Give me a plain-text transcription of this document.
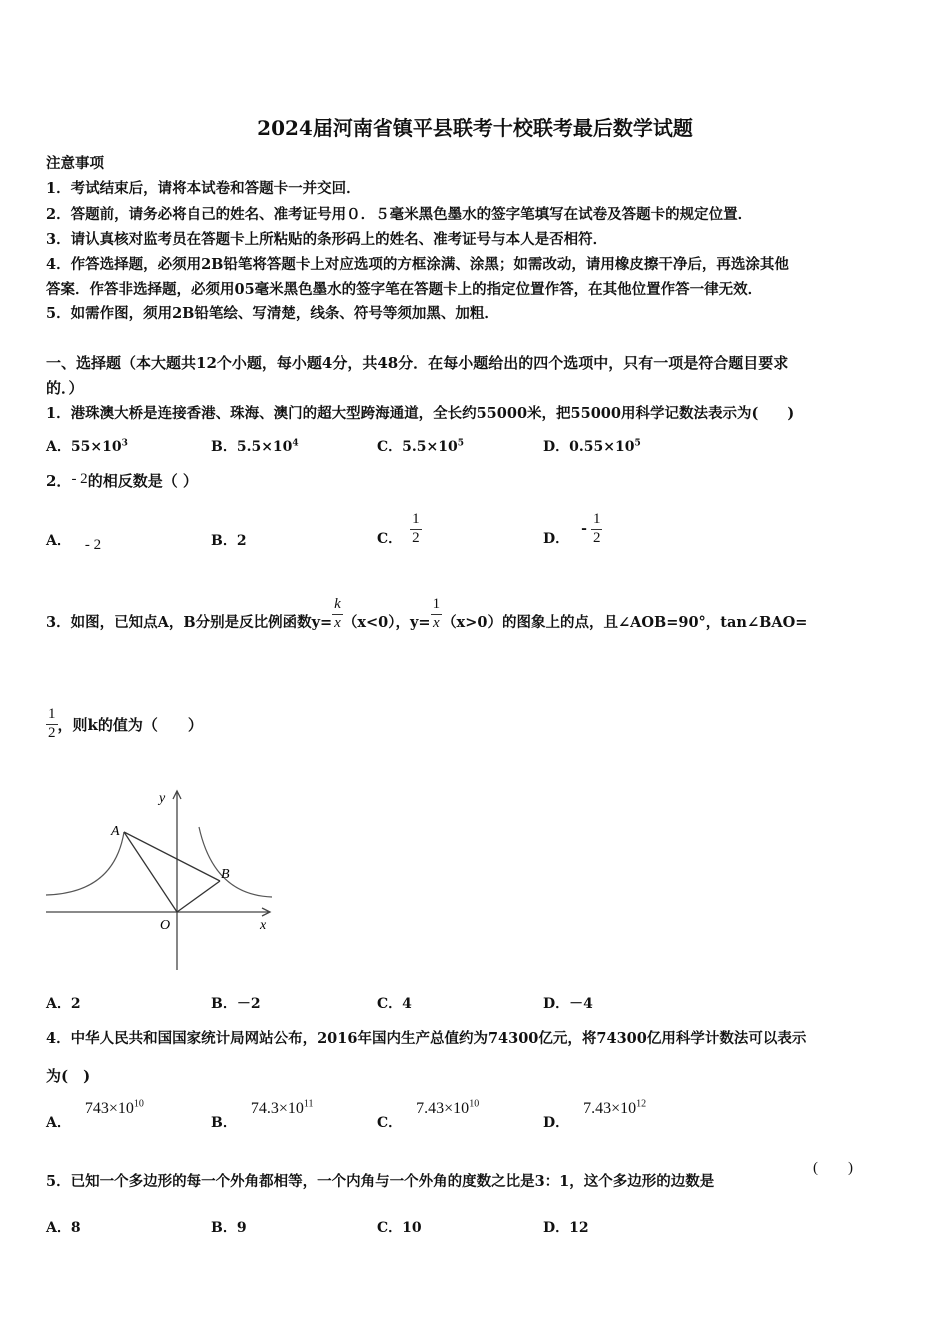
2024届河南省镇平县联考十校联考最后数学试题
注意事项
1．考试结束后，请将本试卷和答题卡一并交回．
2．答题前，请务必将自己的姓名、准考证号用０．５毫米黑色墨水的签字笔填写在试卷及答题卡的规定位置．
3．请认真核对监考员在答题卡上所粘贴的条形码上的姓名、准考证号与本人是否相符．
4．作答选择题，必须用2B铅笔将答题卡上对应选项的方框涂满、涂黑；如需改动，请用橡皮擦干净后，再选涂其他
答案．作答非选择题，必须用05毫米黑色墨水的签字笔在答题卡上的指定位置作答，在其他位置作答一律无效．
5．如需作图，须用2B铅笔绘、写清楚，线条、符号等须加黑、加粗．
一、选择题（本大题共12个小题，每小题4分，共48分．在每小题给出的四个选项中，只有一项是符合题目要求
的．）
1．港珠澳大桥是连接香港、珠海、澳门的超大型跨海通道，全长约55000米，把55000用科学记数法表示为(　　)
A．$55\times 10^3$	B．$5.5\times 10^4$	C．$5.5\times 10^5$	D．$0.55\times 10^5$
2．- 2的相反数是（ ）
A． - 2	B．2	C． $\frac{1}{2}$	D．
- $\frac{1}{2}$
3．如图，已知点A，B分别是反比例函数$y= \frac{k}{x} (x<0)$，$y= \frac{1}{x} (x>0)$的图象上的点，且∠AOB=90°，tan∠BAO=
$\frac{1}{2}$ ，则k的值为（　　）
y
x
O
A
B
A．2	B．－2	C．4	D．－4
4．中华人民共和国国家统计局网站公布，2016年国内生产总值约为74300亿元，将74300亿用科学计数法可以表示
为(　)
A．$743\times 10^{10}$
B．$74.3\times 10^{11}$
C．$7.43\times 10^{10}$
D．$7.43\times 10^{12}$
5．已知一个多边形的每一个外角都相等，一个内角与一个外角的度数之比是3：1，这个多边形的边数是
(　　)
A．8	B．9	C．10	D．12
